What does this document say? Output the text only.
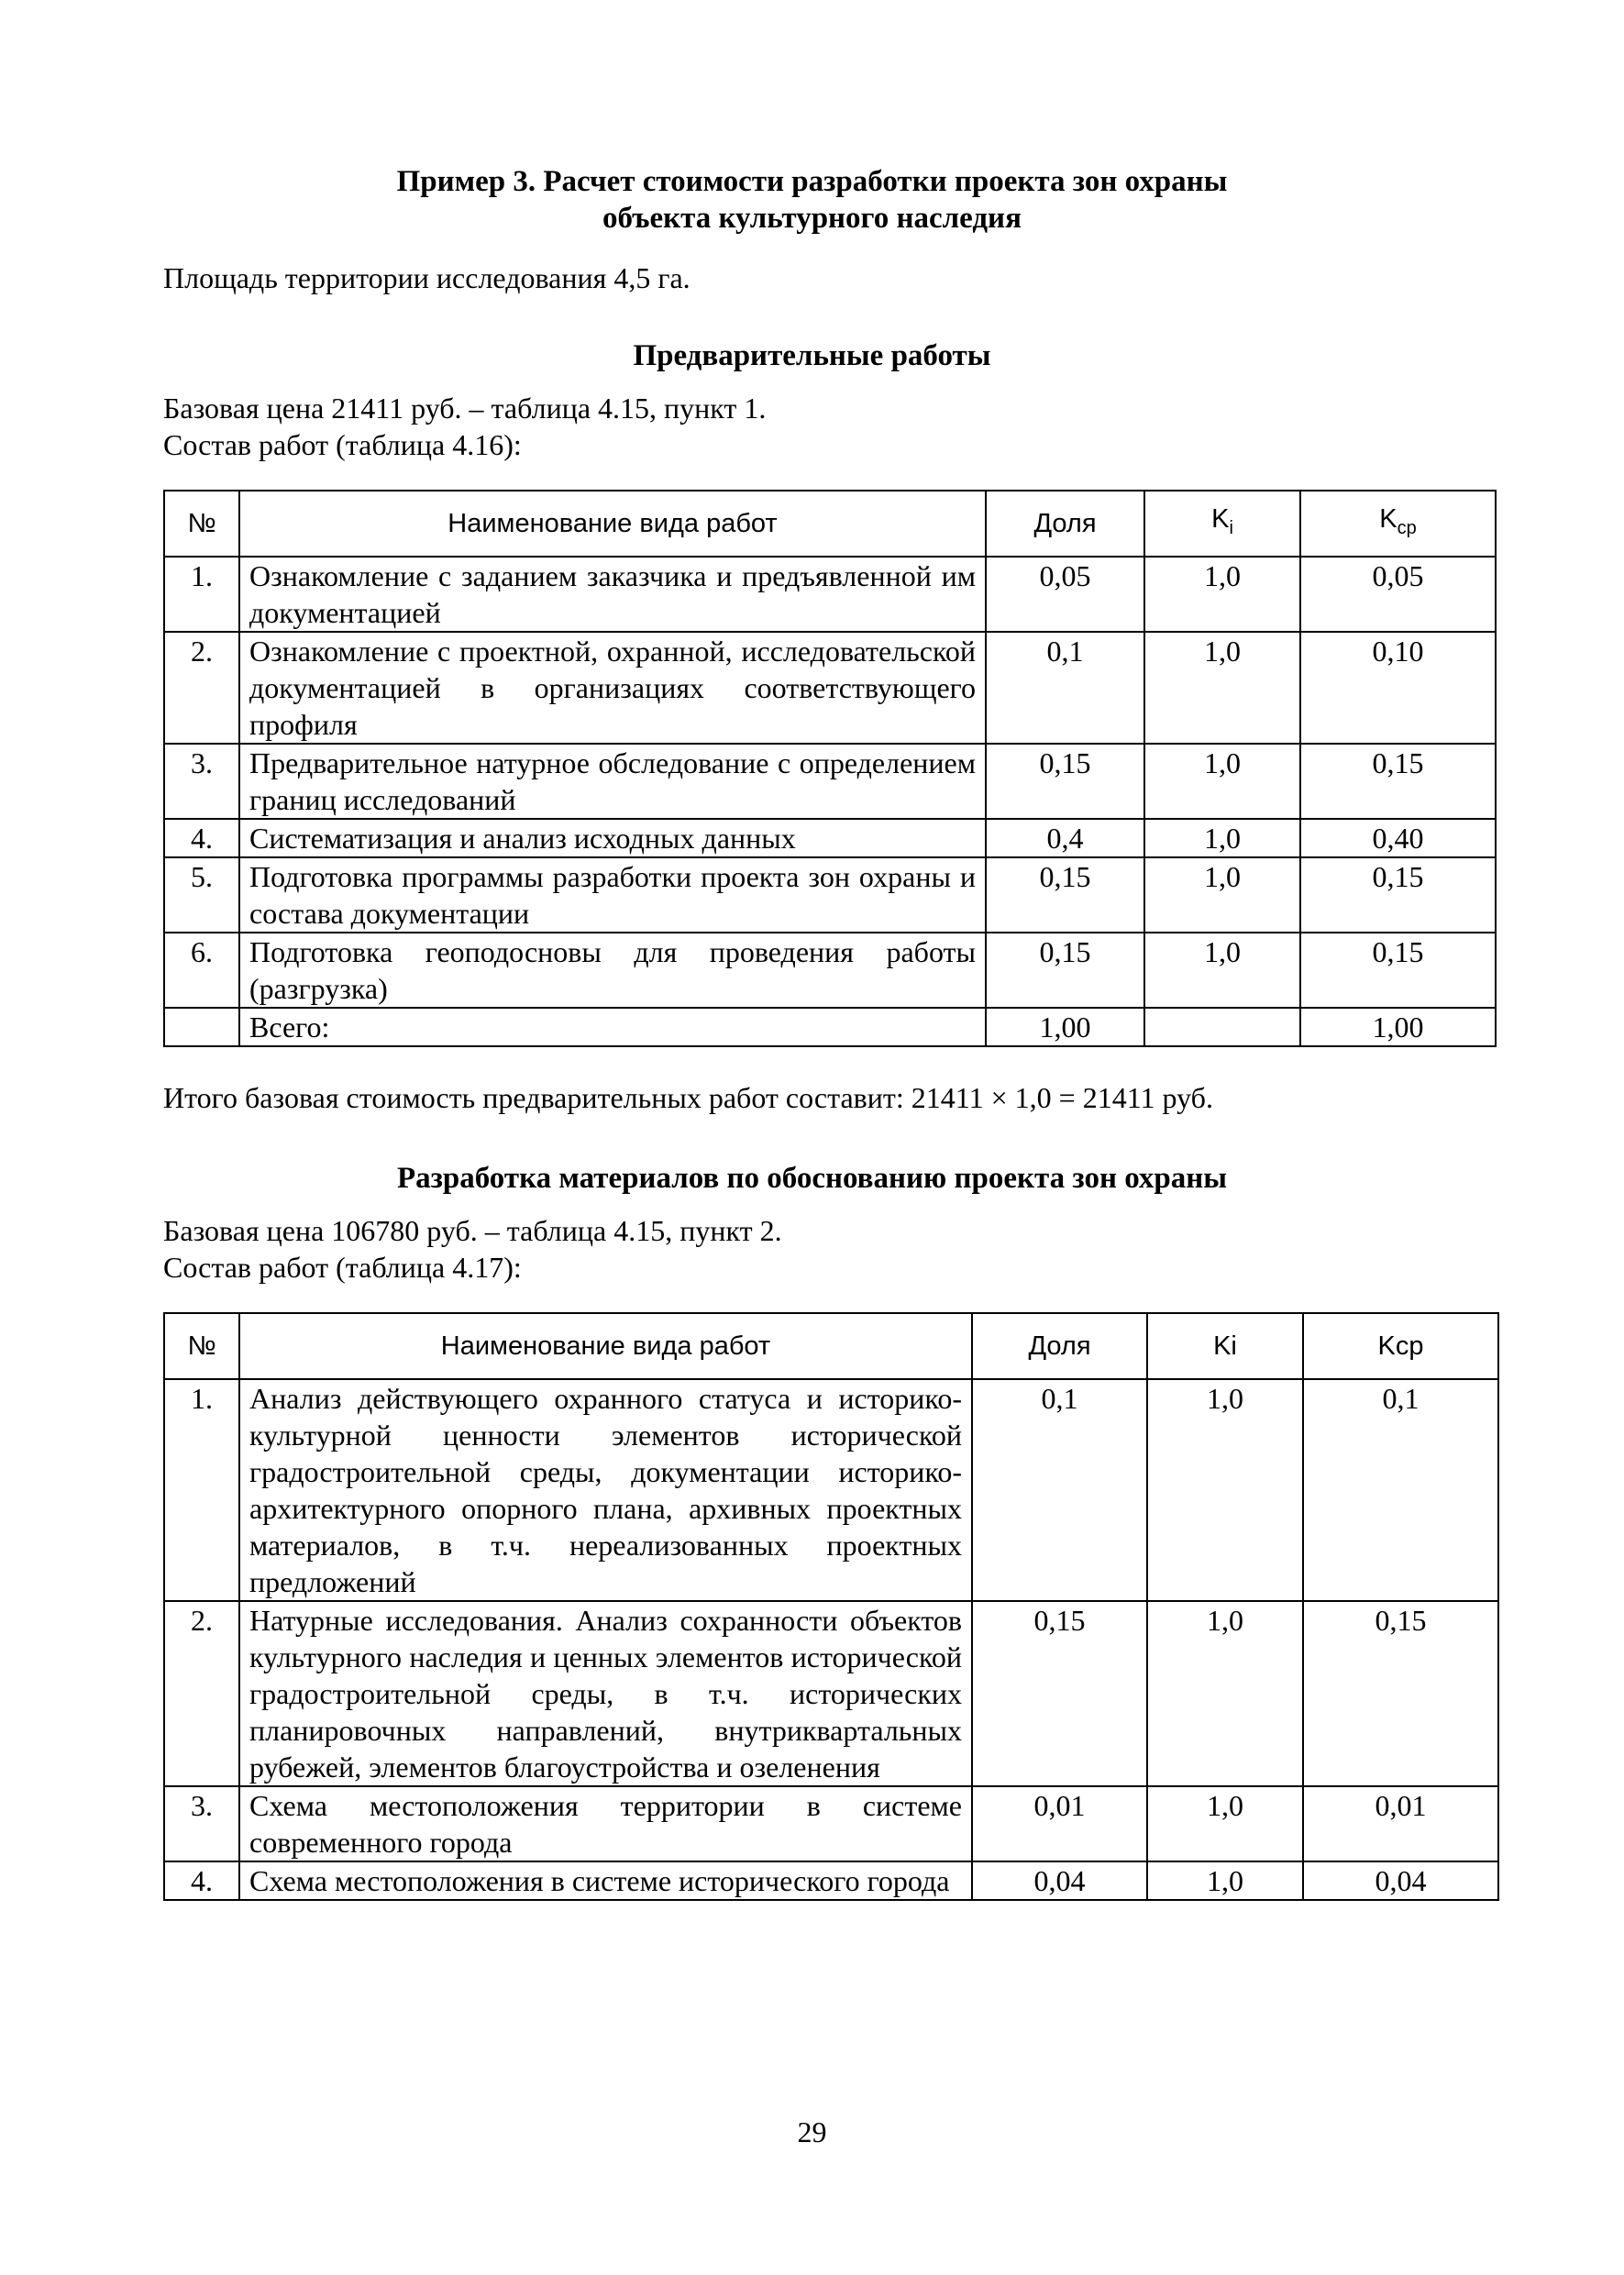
Пример 3. Расчет стоимости разработки проекта зон охраны
объекта культурного наследия
Площадь территории исследования 4,5 га.
Предварительные работы
Базовая цена 21411 руб. – таблица 4.15, пункт 1.
Состав работ (таблица 4.16):
№	Наименование вида работ	Доля	$K_i$	$K_{ср}$
1.	Ознакомление с заданием заказчика и предъявленной им документацией	0,05	1,0	0,05
2.	Ознакомление с проектной, охранной, исследовательской документацией в организациях соответствующего профиля	0,1	1,0	0,10
3.	Предварительное натурное обследование с определением границ исследований	0,15	1,0	0,15
4.	Систематизация и анализ исходных данных	0,4	1,0	0,40
5.	Подготовка программы разработки проекта зон охраны и состава документации	0,15	1,0	0,15
6.	Подготовка геоподосновы для проведения работы (разгрузка)	0,15	1,0	0,15
	Всего:	1,00		1,00
Итого базовая стоимость предварительных работ составит: 21411 × 1,0 = 21411 руб.
Разработка материалов по обоснованию проекта зон охраны
Базовая цена 106780 руб. – таблица 4.15, пункт 2.
Состав работ (таблица 4.17):
№	Наименование вида работ	Доля	Ki	Kср
1.	Анализ действующего охранного статуса и историко-культурной ценности элементов исторической градостроительной среды, документации историко-архитектурного опорного плана, архивных проектных материалов, в т.ч. нереализованных проектных предложений	0,1	1,0	0,1
2.	Натурные исследования. Анализ сохранности объектов культурного наследия и ценных элементов исторической градостроительной среды, в т.ч. исторических планировочных направлений, внутриквартальных рубежей, элементов благоустройства и озеленения	0,15	1,0	0,15
3.	Схема местоположения территории в системе современного города	0,01	1,0	0,01
4.	Схема местоположения в системе исторического города	0,04	1,0	0,04
29
